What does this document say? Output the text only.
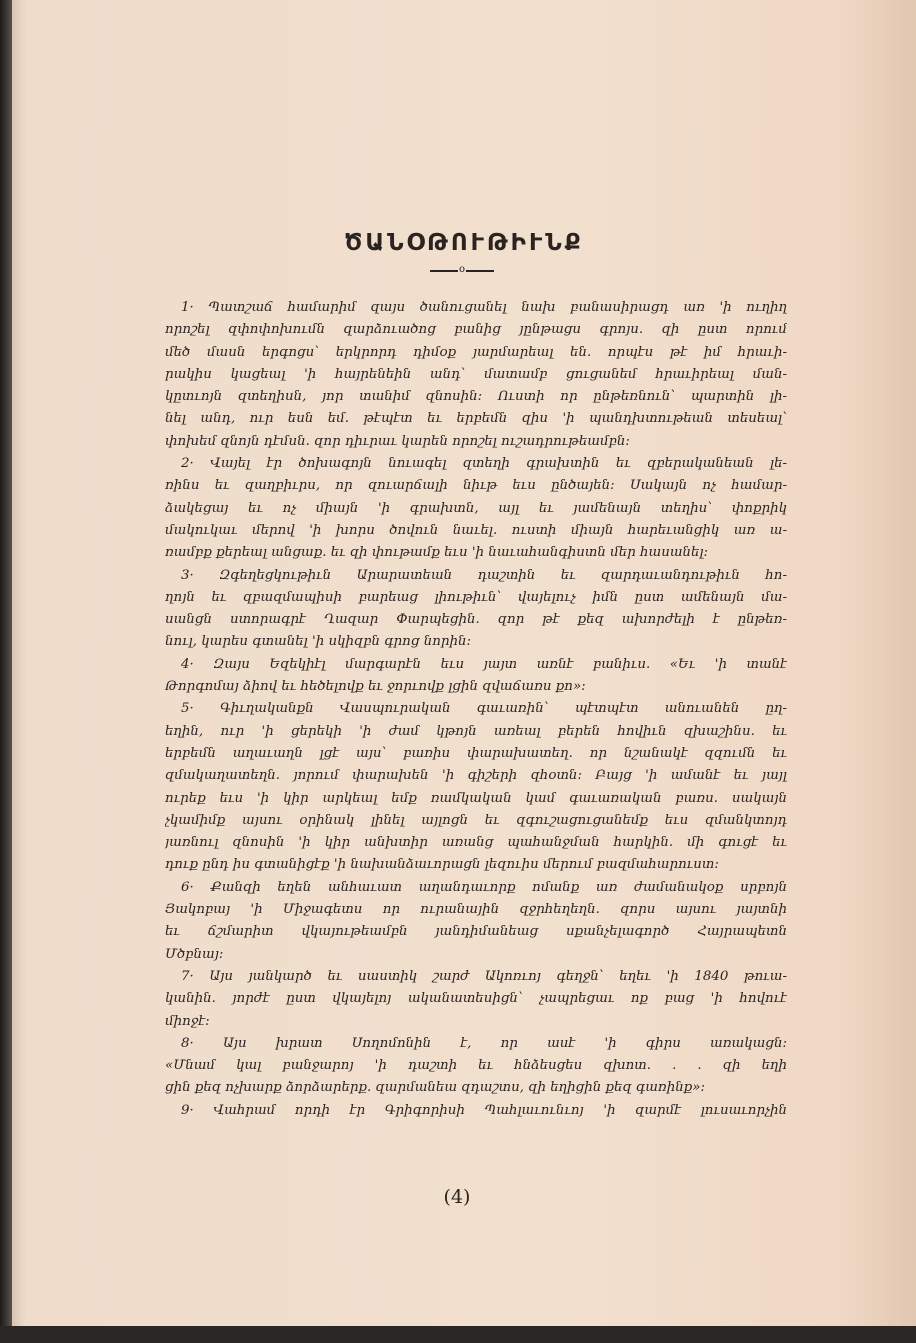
ԾԱՆՕԹՈՒԹԻՒՆՔ
o
1· Պատշաճ համարիմ զայս ծանուցանել նախ բանասիրացդ առ 'ի ուղիղ
որոշել զփոփոխումն զարձուածոց բանից յընթացս գրոյս. զի ըստ որում
մեծ մասն երգոցս՝ երկրորդ դիմօք յարմարեալ են. որպէս թէ իմ հրաւի-
րակիս կացեալ 'ի հայրենեին անդ՝ մատամբ ցուցանեմ հրաւիրեալ ման-
կըտւոյն զտեղիսն, յոր տանիմ զնոսին: Ուստի որ ընթեռնուն՝ պարտին լի-
նել անդ, ուր եսն եմ. թէպէտ եւ երբեմն զիս 'ի պանդխտութեան տեսեալ՝
փոխեմ զնոյն դէմսն. զոր դիւրաւ կարեն որոշել ուշադրութեամբն:
2· Վայել էր ծոխագոյն նուագել զտեղի գրախտին եւ զբերականեան լե-
ռինս եւ զաղբիւրս, որ զուարճալի նիւթ եւս ընծայեն: Սակայն ոչ համար-
ձակեցայ եւ ոչ միայն 'ի գրախտն, այլ եւ յամենայն տեղիս՝ փոքրիկ
մակուկաւ մերով 'ի խորս ծովուն նաւել. ուստի միայն հարեւանցիկ առ ա-
ռամբք քերեալ անցաք. եւ զի փութամք եւս 'ի նաւահանգիստն մեր հասանել:
3· Զգեղեցկութիւն Արարատեան դաշտին եւ զարդաւանդութիւն հո-
ղոյն եւ զբազմապիսի բարեաց լիութիւն՝ վայելուչ իմն ըստ ամենայն մա-
սանցն ստորագրէ Ղազար Փարպեցին. զոր թէ քեզ ախորժելի է ընթեռ-
նուլ, կարես գտանել 'ի սկիզբն գրոց նորին:
4· Զայս Եզեկիէլ մարգարէն եւս յայտ առնէ բանիւս. «Եւ 'ի տանէ
Թորգոմայ ձիով եւ հեծելովք եւ ջորւովք լցին զվաճառս քո»:
5· Գիւղականքն Վասպուրական գաւառին՝ պէտպէտ անուանեն ըղ-
եղին, ուր 'ի ցերեկի 'ի ժամ կթոյն առեալ բերեն հովիւն զխաշինս. եւ
երբեմն աղաւաղն լցէ այս՝ բառիս փարախատեղ. որ նշանակէ զզումն եւ
զմակաղատեղն. յորում փարախեն 'ի գիշերի զհօտն: Բայց 'ի ամանէ եւ յայլ
ուրեք եւս 'ի կիր արկեալ եմք ռամկական կամ գաւառական բառս. սակայն
չկամիմք այսու օրինակ լինել այլոցն եւ զգուշացուցանեմք եւս զմանկտոյդ
յառնուլ զնոսին 'ի կիր անխտիր առանց պահանջման հարկին. մի գուցէ եւ
դուք ընդ իս գտանիցէք 'ի նախանձաւորացն լեզուիս մերում բազմահարուստ:
6· Քանզի եղեն անհաւատ աղանդաւորք ոմանք առ ժամանակօք սրբոյն
Յակոբայ 'ի Միջագետս որ ուրանային զջրհեղեղն. զորս այսու յայտնի
եւ ճշմարիտ վկայութեամբն յանդիմանեաց սքանչելագործ Հայրապետն
Մծբնայ:
7· Այս յանկարծ եւ սաստիկ շարժ Ակոռւոյ գեղջն՝ եղեւ 'ի 1840 թուա-
կանին. յորժէ ըստ վկայելոյ ականատեսիցն՝ չապրեցաւ ոք բաց 'ի հովուէ
միոջէ:
8· Այս խրատ Սողոմոնին է, որ ասէ 'ի գիրս առակացն:
«Մնամ կալ բանջարոյ 'ի դաշտի եւ հնձեսցես զխոտ. . . զի եղի
ցին քեզ ոչխարք ձորձարերք. զարմանեա զդաշտս, զի եղիցին քեզ գառինք»:
9· Վահրամ որդի էր Գրիգորիսի Պահլաւունւոյ 'ի զարմէ լուսաւորչին
(4)
